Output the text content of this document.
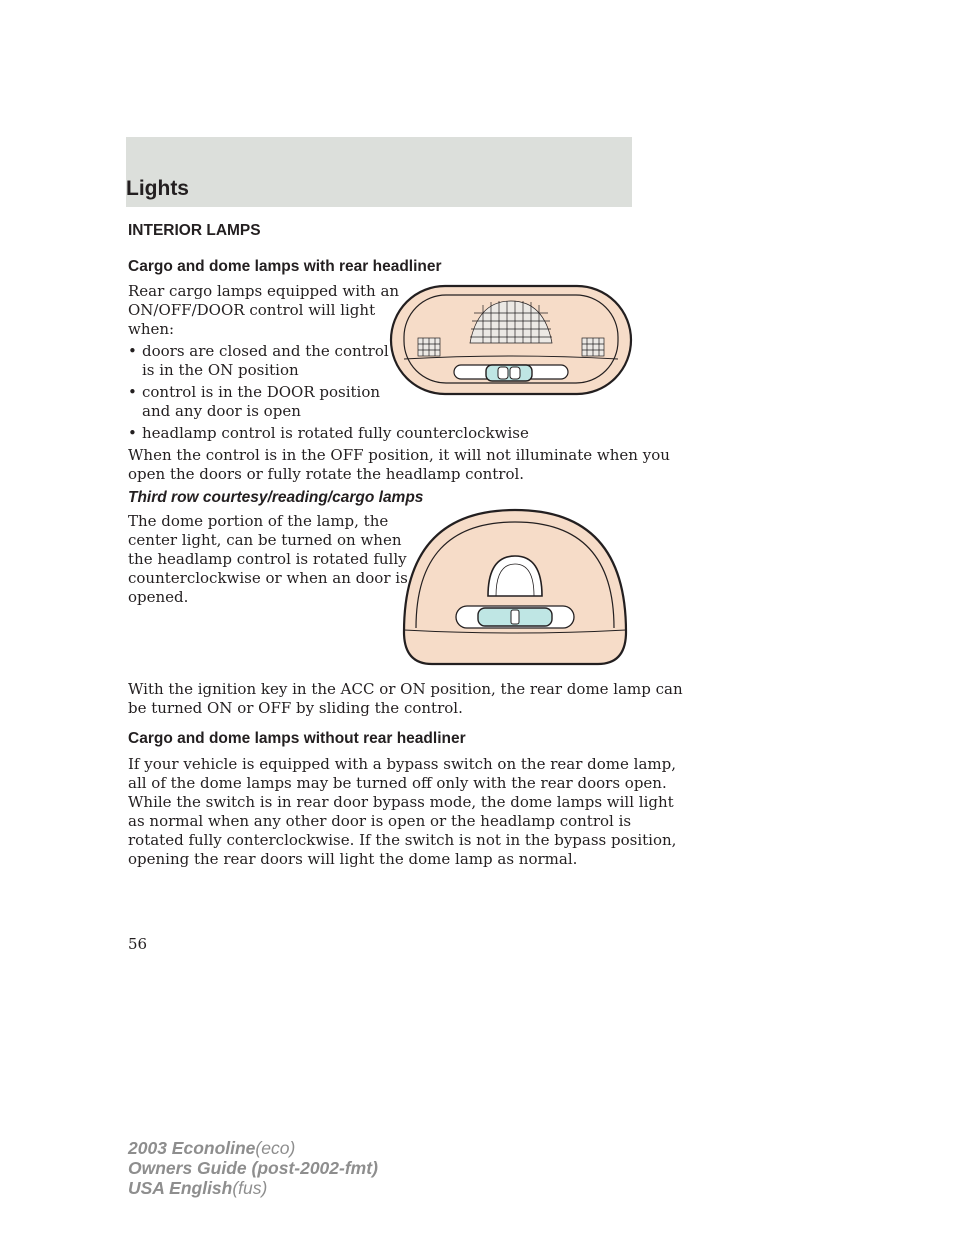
Lights
INTERIOR LAMPS
Cargo and dome lamps with rear headliner
Rear cargo lamps equipped with an
ON/OFF/DOOR control will light
when:
• doors are closed and the control
is in the ON position
• control is in the DOOR position
and any door is open
• headlamp control is rotated fully counterclockwise
When the control is in the OFF position, it will not illuminate when you
open the doors or fully rotate the headlamp control.
Third row courtesy/reading/cargo lamps
The dome portion of the lamp, the
center light, can be turned on when
the headlamp control is rotated fully
counterclockwise or when an door is
opened.
With the ignition key in the ACC or ON position, the rear dome lamp can
be turned ON or OFF by sliding the control.
Cargo and dome lamps without rear headliner
If your vehicle is equipped with a bypass switch on the rear dome lamp,
all of the dome lamps may be turned off only with the rear doors open.
While the switch is in rear door bypass mode, the dome lamps will light
as normal when any other door is open or the headlamp control is
rotated fully conterclockwise. If the switch is not in the bypass position,
opening the rear doors will light the dome lamp as normal.
56
2003 Econoline(eco)
Owners Guide (post-2002-fmt)
USA English(fus)
